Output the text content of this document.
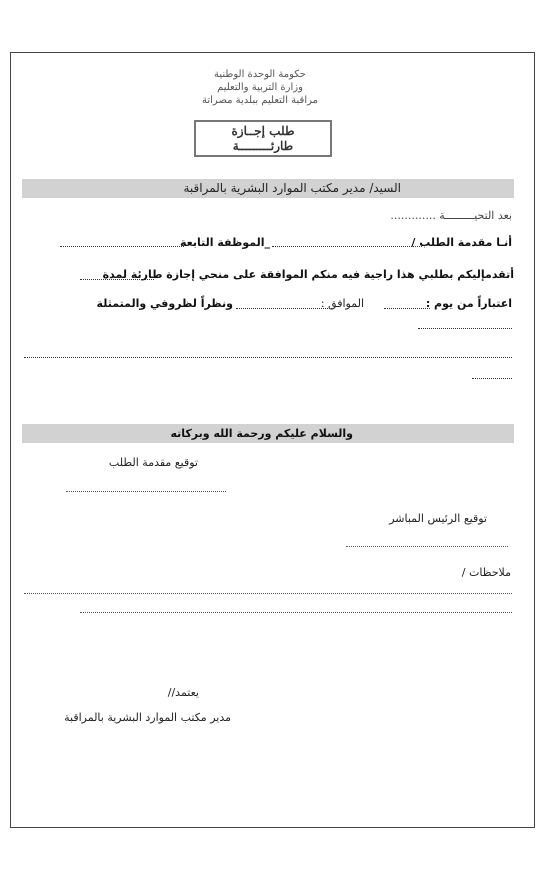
حكومة الوحدة الوطنية
وزارة التربية والتعليم
مراقبة التعليم ببلدية مصراتة
طلب إجــازة
طارئـــــــــة
السيد/ مدير مكتب الموارد البشرية بالمراقبة
بعد التحيـــــــــة .............
أنـا مقدمة الطلب /
_الموظفة التابعة
أتقدمإليكم بطلبي هذا راجية فيه منكم الموافقة على منحي إجازة طارئة لمدة
اعتباراً من يوم :
الموافق :
ونظراً لظروفي والمتمثلة
والسلام عليكم ورحمة الله وبركاته
توقيع مقدمة الطلب
توقيع الرئيس المباشر
ملاحظات /
يعتمد//
مدير مكتب الموارد البشرية بالمراقبة
